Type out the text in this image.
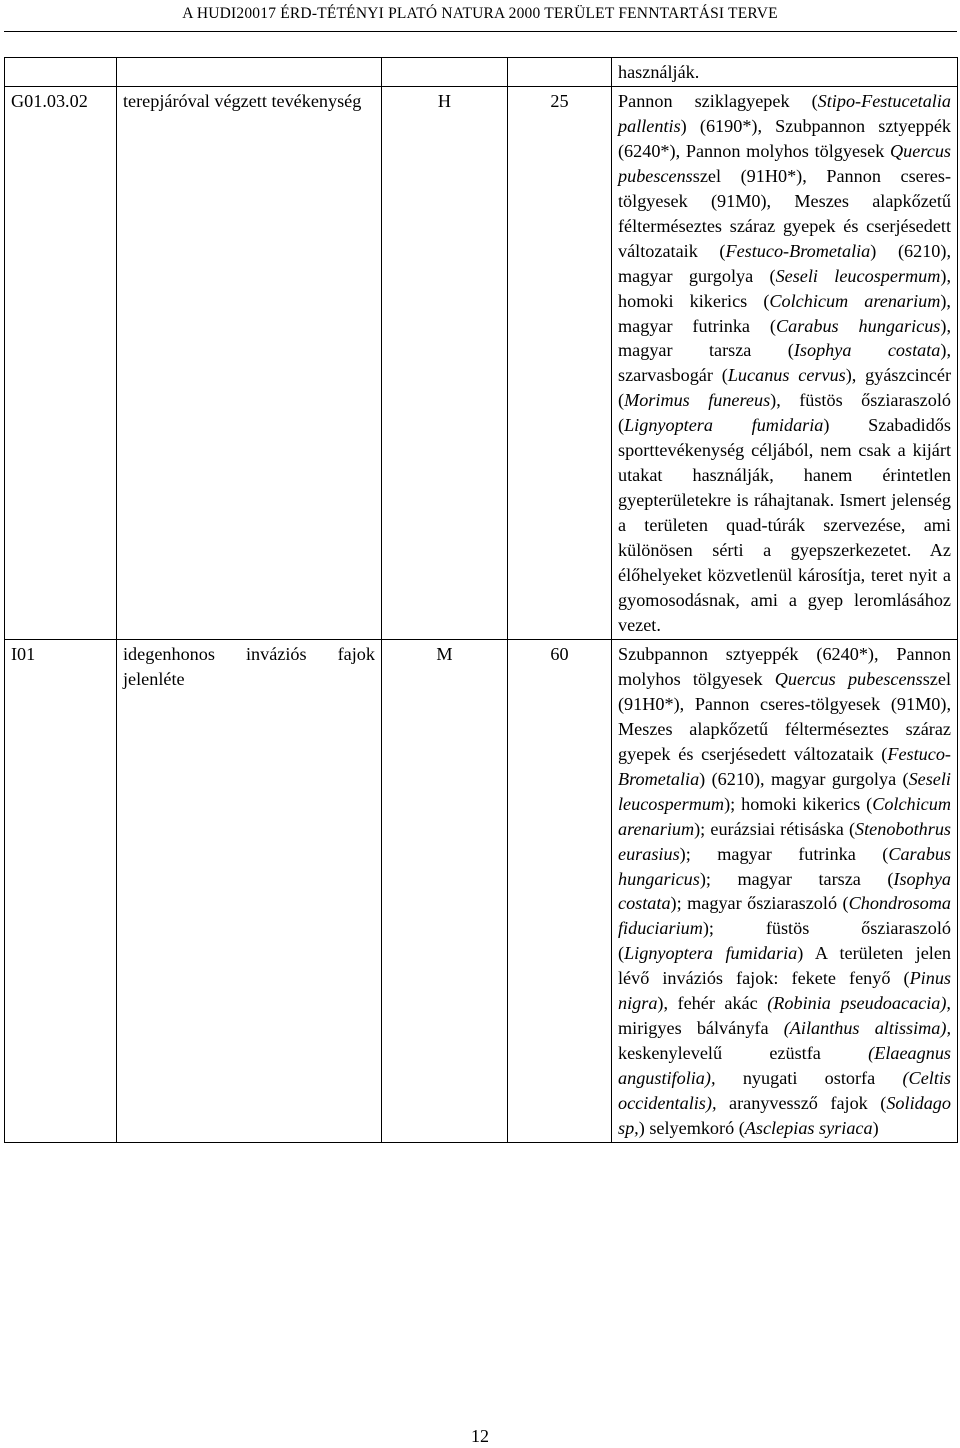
A HUDI20017 ÉRD-TÉTÉNYI PLATÓ NATURA 2000 TERÜLET FENNTARTÁSI TERVE
				használják.
G01.03.02	terepjáróval végzett tevékenység	H	25	Pannon sziklagyepek (Stipo-Festucetalia pallentis) (6190*), Szubpannon sztyeppék (6240*), Pannon molyhos tölgyesek Quercus pubescensszel (91H0*), Pannon cseres-tölgyesek (91M0), Meszes alapkőzetű félterméseztes száraz gyepek és cserjésedett változataik (Festuco-Brometalia) (6210), magyar gurgolya (Seseli leucospermum), homoki kikerics (Colchicum arenarium), magyar futrinka (Carabus hungaricus), magyar tarsza (Isophya costata), szarvasbogár (Lucanus cervus), gyászcincér (Morimus funereus), füstös ősziaraszoló (Lignyoptera fumidaria) Szabadidős sporttevékenység céljából, nem csak a kijárt utakat használják, hanem érintetlen gyepterületekre is ráhajtanak. Ismert jelenség a területen quad-túrák szervezése, ami különösen sérti a gyepszerkezetet. Az élőhelyeket közvetlenül károsítja, teret nyit a gyomosodásnak, ami a gyep leromlásához vezet.
I01	idegenhonos inváziós fajok jelenléte	M	60	Szubpannon sztyeppék (6240*), Pannon molyhos tölgyesek Quercus pubescensszel (91H0*), Pannon cseres-tölgyesek (91M0), Meszes alapkőzetű félterméseztes száraz gyepek és cserjésedett változataik (Festuco-Brometalia) (6210), magyar gurgolya (Seseli leucospermum); homoki kikerics (Colchicum arenarium); eurázsiai rétisáska (Stenobothrus eurasius); magyar futrinka (Carabus hungaricus); magyar tarsza (Isophya costata); magyar ősziaraszoló (Chondrosoma fiduciarium); füstös ősziaraszoló (Lignyoptera fumidaria) A területen jelen lévő inváziós fajok: fekete fenyő (Pinus nigra), fehér akác (Robinia pseudoacacia), mirigyes bálványfa (Ailanthus altissima), keskenylevelű ezüstfa (Elaeagnus angustifolia), nyugati ostorfa (Celtis occidentalis), aranyvessző fajok (Solidago sp,) selyemkoró (Asclepias syriaca)
12
